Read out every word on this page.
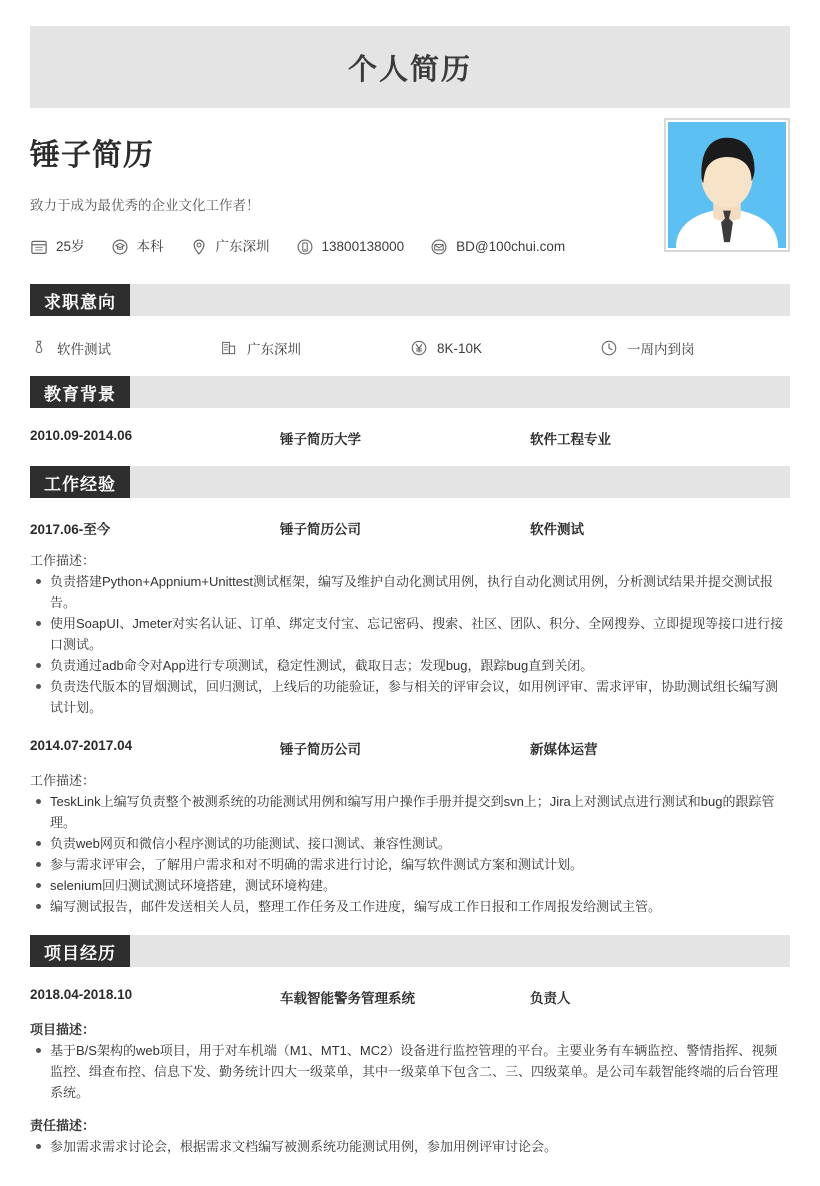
个人简历
锤子简历
致力于成为最优秀的企业文化工作者！
25岁	本科	广东深圳	13800138000	BD@100chui.com
求职意向
软件测试	广东深圳	8K-10K	一周内到岗
教育背景
2010.09-2014.06	锤子简历大学	软件工程专业
工作经验
2017.06-至今	锤子简历公司	软件测试
工作描述：
负责搭建Python+Appnium+Unittest测试框架，编写及维护自动化测试用例，执行自动化测试用例，分析测试结果并提交测试报告。
使用SoapUI、Jmeter对实名认证、订单、绑定支付宝、忘记密码、搜索、社区、团队、积分、全网搜券、立即提现等接口进行接口测试。
负责通过adb命令对App进行专项测试，稳定性测试，截取日志；发现bug，跟踪bug直到关闭。
负责迭代版本的冒烟测试，回归测试，上线后的功能验证，参与相关的评审会议，如用例评审、需求评审，协助测试组长编写测试计划。
2014.07-2017.04	锤子简历公司	新媒体运营
工作描述：
TeskLink上编写负责整个被测系统的功能测试用例和编写用户操作手册并提交到svn上；Jira上对测试点进行测试和bug的跟踪管理。
负责web网页和微信小程序测试的功能测试、接口测试、兼容性测试。
参与需求评审会，了解用户需求和对不明确的需求进行讨论，编写软件测试方案和测试计划。
selenium回归测试测试环境搭建，测试环境构建。
编写测试报告，邮件发送相关人员，整理工作任务及工作进度，编写成工作日报和工作周报发给测试主管。
项目经历
2018.04-2018.10	车载智能警务管理系统	负责人
项目描述：
基于B/S架构的web项目，用于对车机端（M1、MT1、MC2）设备进行监控管理的平台。主要业务有车辆监控、警情指挥、视频监控、缉查布控、信息下发、勤务统计四大一级菜单，其中一级菜单下包含二、三、四级菜单。是公司车载智能终端的后台管理系统。
责任描述：
参加需求需求讨论会，根据需求文档编写被测系统功能测试用例，参加用例评审讨论会。
